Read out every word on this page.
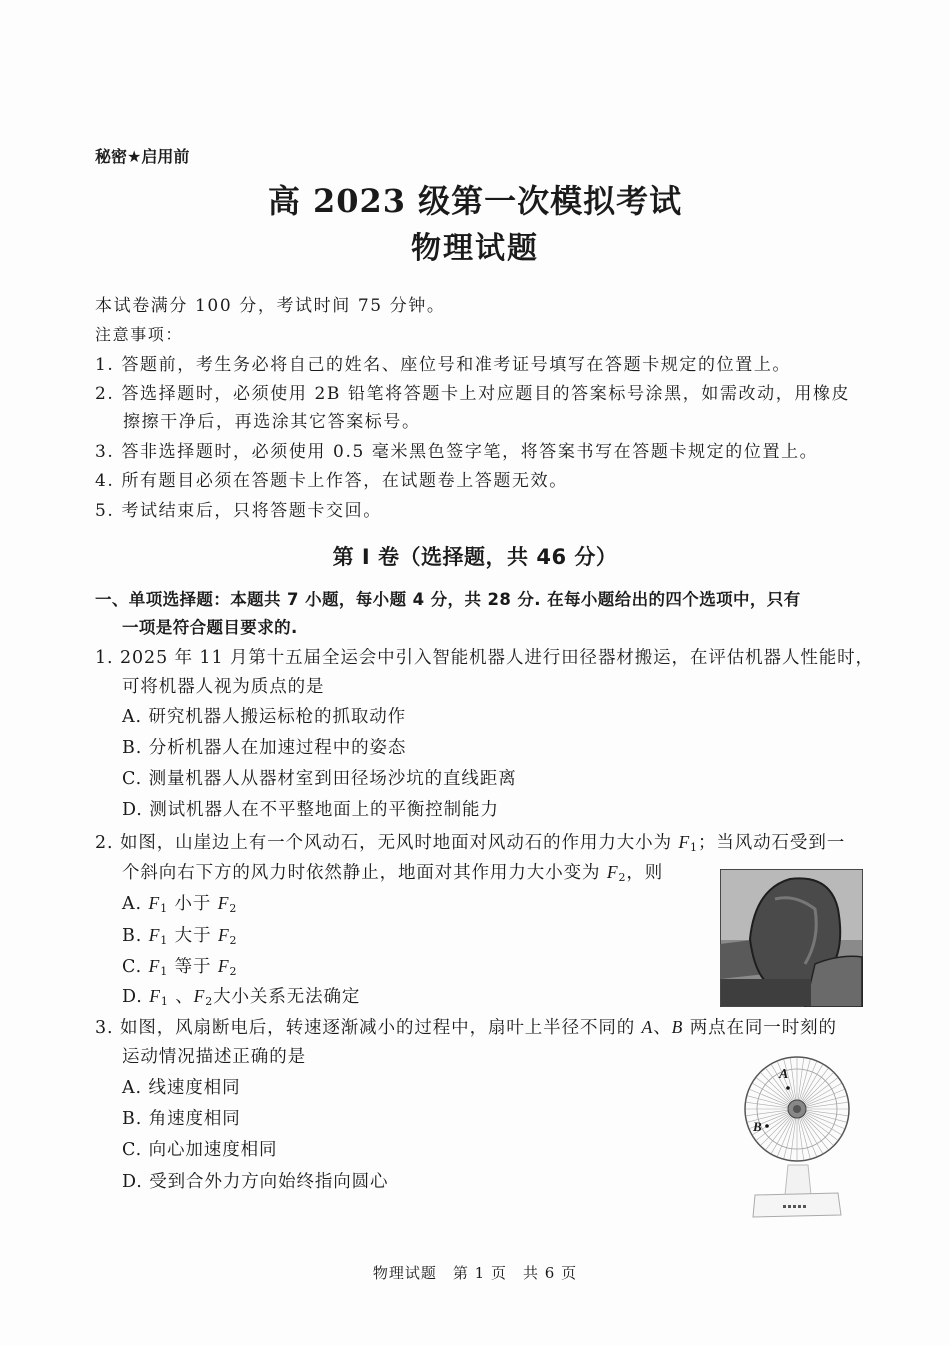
秘密★启用前
高 2023 级第一次模拟考试
物理试题
本试卷满分 100 分，考试时间 75 分钟。
注意事项：
1. 答题前，考生务必将自己的姓名、座位号和准考证号填写在答题卡规定的位置上。
2. 答选择题时，必须使用 2B 铅笔将答题卡上对应题目的答案标号涂黑，如需改动，用橡皮
擦擦干净后，再选涂其它答案标号。
3. 答非选择题时，必须使用 0.5 毫米黑色签字笔，将答案书写在答题卡规定的位置上。
4. 所有题目必须在答题卡上作答，在试题卷上答题无效。
5. 考试结束后，只将答题卡交回。
第 I 卷（选择题，共 46 分）
一、单项选择题：本题共 7 小题，每小题 4 分，共 28 分. 在每小题给出的四个选项中，只有
一项是符合题目要求的.
1. 2025 年 11 月第十五届全运会中引入智能机器人进行田径器材搬运，在评估机器人性能时，
可将机器人视为质点的是
A. 研究机器人搬运标枪的抓取动作
B. 分析机器人在加速过程中的姿态
C. 测量机器人从器材室到田径场沙坑的直线距离
D. 测试机器人在不平整地面上的平衡控制能力
2. 如图，山崖边上有一个风动石，无风时地面对风动石的作用力大小为 $F_1$；当风动石受到一
个斜向右下方的风力时依然静止，地面对其作用力大小变为 $F_2$，则
A. $F_1$ 小于 $F_2$
B. $F_1$ 大于 $F_2$
C. $F_1$ 等于 $F_2$
D. $F_1$ 、$F_2$大小关系无法确定
3. 如图，风扇断电后，转速逐渐减小的过程中，扇叶上半径不同的 A、B 两点在同一时刻的
运动情况描述正确的是
A. 线速度相同
B. 角速度相同
C. 向心加速度相同
D. 受到合外力方向始终指向圆心
A
B
物理试题　第 1 页　共 6 页
